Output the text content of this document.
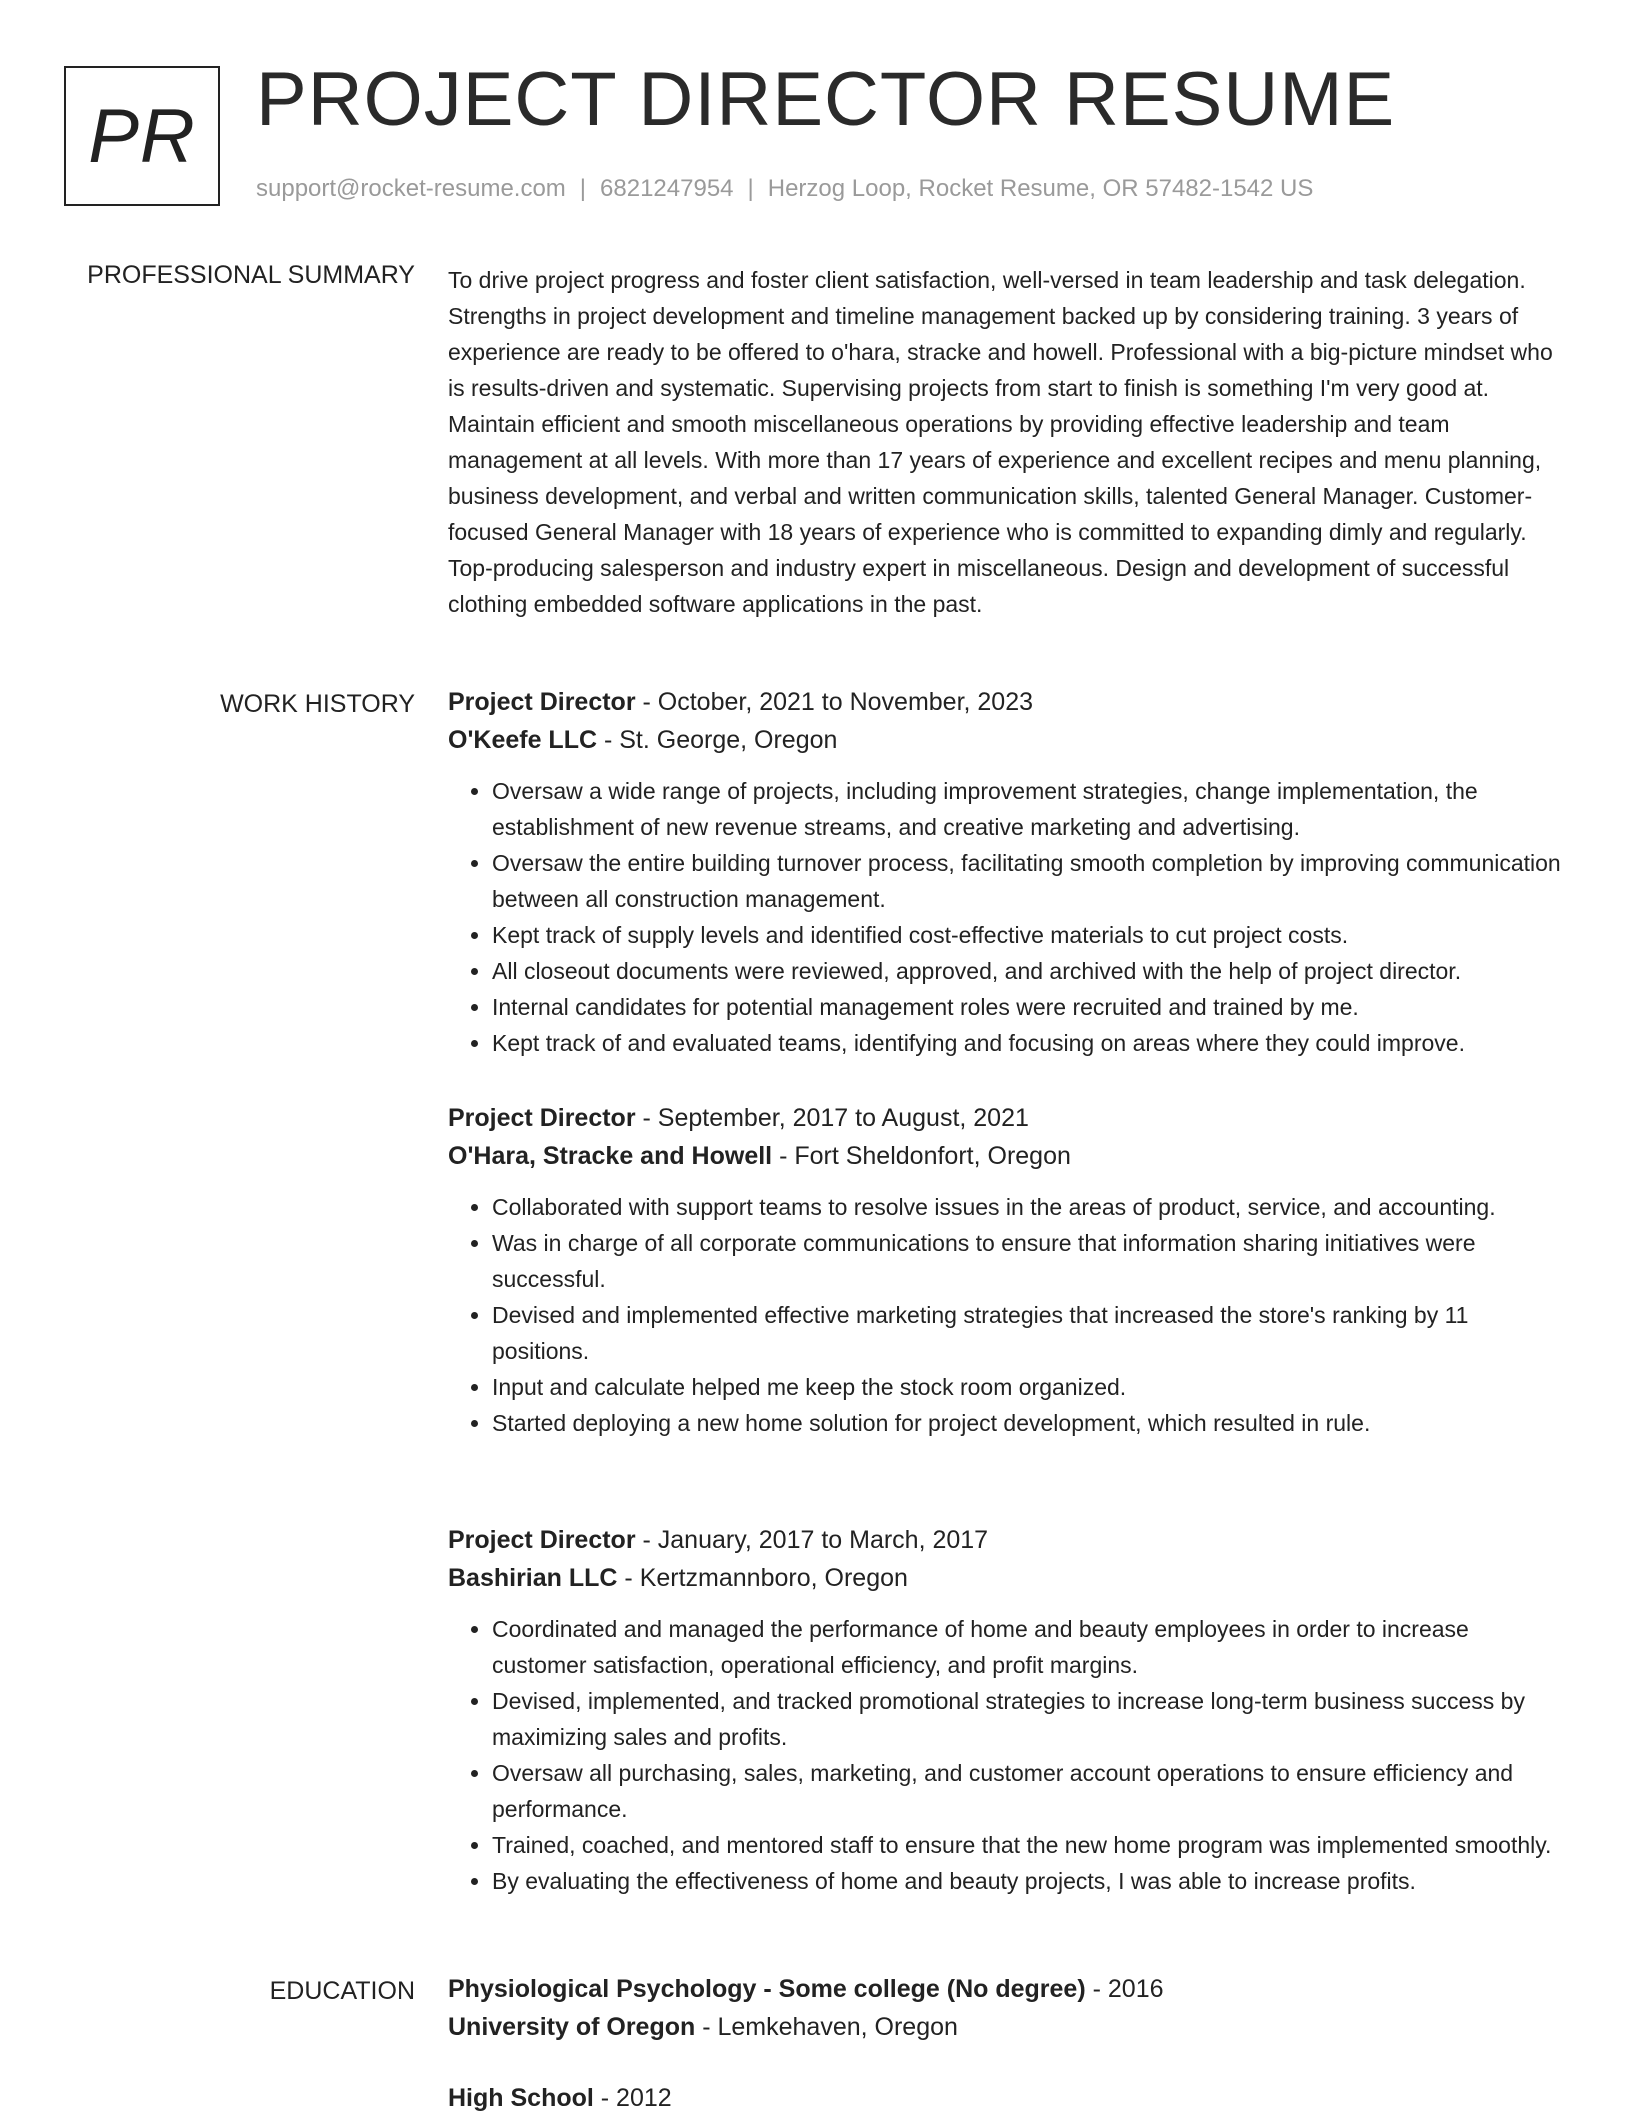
PR PROJECT DIRECTOR RESUME
support@rocket-resume.com | 6821247954 | Herzog Loop, Rocket Resume, OR 57482-1542 US
PROFESSIONAL SUMMARY To drive project progress and foster client satisfaction, well-versed in team leadership and task delegation. Strengths in project development and timeline management backed up by considering training. 3 years of experience are ready to be offered to o'hara, stracke and howell. Professional with a big-picture mindset who is results-driven and systematic. Supervising projects from start to finish is something I'm very good at. Maintain efficient and smooth miscellaneous operations by providing effective leadership and team management at all levels. With more than 17 years of experience and excellent recipes and menu planning, business development, and verbal and written communication skills, talented General Manager. Customer-focused General Manager with 18 years of experience who is committed to expanding dimly and regularly. Top-producing salesperson and industry expert in miscellaneous. Design and development of successful clothing embedded software applications in the past.

WORK HISTORY Project Director - October, 2021 to November, 2023

O'Keefe LLC - St. George, Oregon

• Oversaw a wide range of projects, including improvement strategies, change implementation, the establishment of new revenue streams, and creative marketing and advertising.
• Oversaw the entire building turnover process, facilitating smooth completion by improving communication between all construction management.
• Kept track of supply levels and identified cost-effective materials to cut project costs.
• All closeout documents were reviewed, approved, and archived with the help of project director.
• Internal candidates for potential management roles were recruited and trained by me.
• Kept track of and evaluated teams, identifying and focusing on areas where they could improve.

Project Director - September, 2017 to August, 2021

O'Hara, Stracke and Howell - Fort Sheldonfort, Oregon

• Collaborated with support teams to resolve issues in the areas of product, service, and accounting.
• Was in charge of all corporate communications to ensure that information sharing initiatives were successful.
• Devised and implemented effective marketing strategies that increased the store's ranking by 11 positions.
• Input and calculate helped me keep the stock room organized.
• Started deploying a new home solution for project development, which resulted in rule.

Project Director - January, 2017 to March, 2017

Bashirian LLC - Kertzmannboro, Oregon

• Coordinated and managed the performance of home and beauty employees in order to increase customer satisfaction, operational efficiency, and profit margins.
• Devised, implemented, and tracked promotional strategies to increase long-term business success by maximizing sales and profits.
• Oversaw all purchasing, sales, marketing, and customer account operations to ensure efficiency and performance.
• Trained, coached, and mentored staff to ensure that the new home program was implemented smoothly.
• By evaluating the effectiveness of home and beauty projects, I was able to increase profits.
EDUCATION Physiological Psychology - Some college (No degree) - 2016

University of Oregon - Lemkehaven, Oregon

High School - 2012
